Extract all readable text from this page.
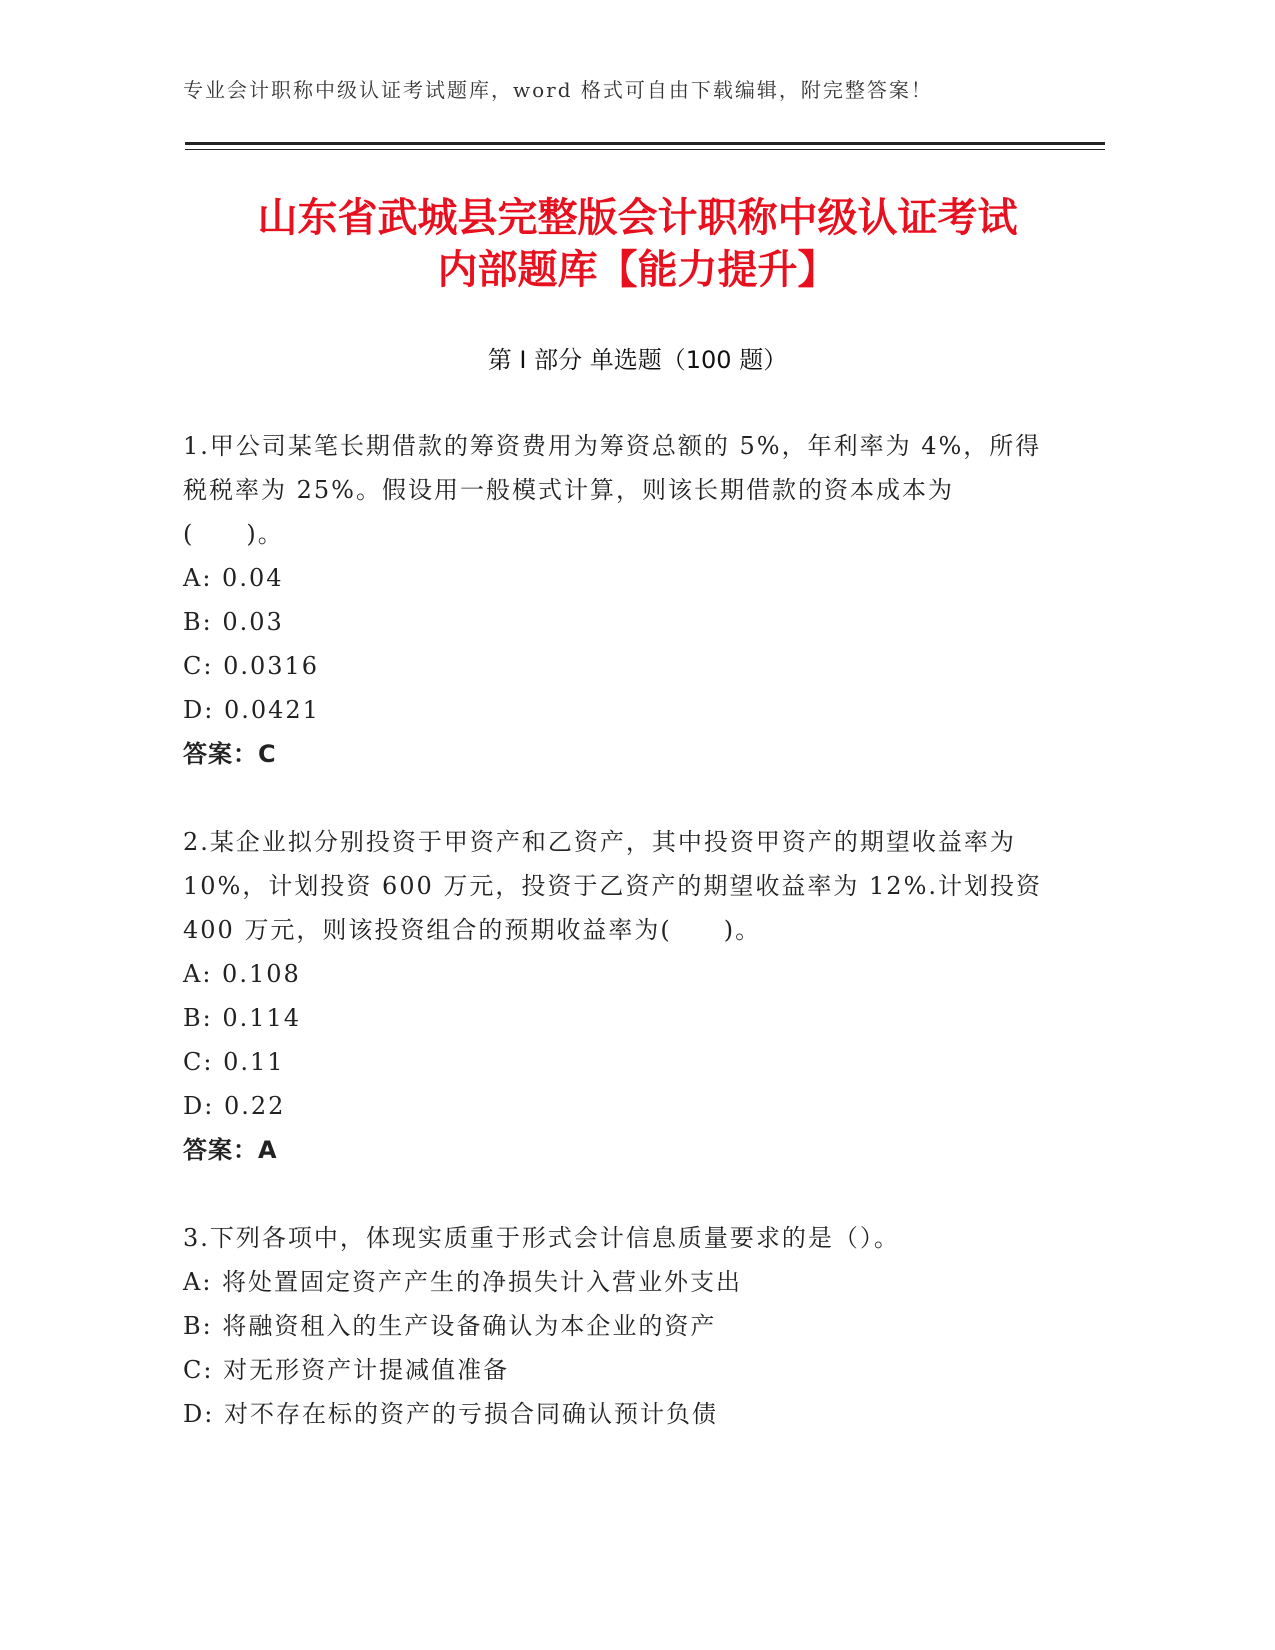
专业会计职称中级认证考试题库，word 格式可自由下载编辑，附完整答案！
山东省武城县完整版会计职称中级认证考试
内部题库【能力提升】
第 I 部分 单选题（100 题）

1.甲公司某笔长期借款的筹资费用为筹资总额的 5%，年利率为 4%，所得税税率为 25%。假设用一般模式计算，则该长期借款的资本成本为(　　)。

A: 0.04

B: 0.03

C: 0.0316

D: 0.0421

答案：C

2.某企业拟分别投资于甲资产和乙资产，其中投资甲资产的期望收益率为 10%，计划投资 600 万元，投资于乙资产的期望收益率为 12%.计划投资 400 万元，则该投资组合的预期收益率为(　　)。

A: 0.108

B: 0.114

C: 0.11

D: 0.22

答案：A

3.下列各项中，体现实质重于形式会计信息质量要求的是（）。

A: 将处置固定资产产生的净损失计入营业外支出

B: 将融资租入的生产设备确认为本企业的资产

C: 对无形资产计提减值准备

D: 对不存在标的资产的亏损合同确认预计负债
